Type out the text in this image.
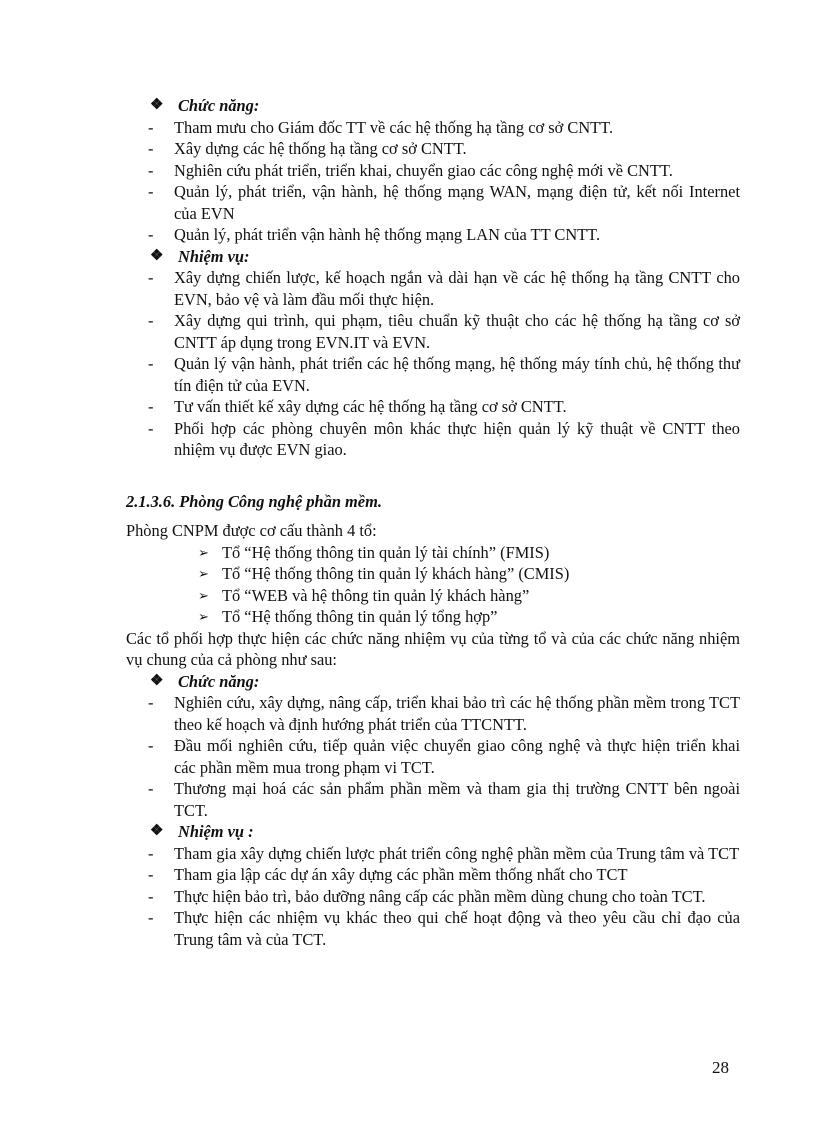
❖ Chức năng:
- Tham mưu cho Giám đốc TT về các hệ thống hạ tầng cơ sở CNTT.
- Xây dựng các hệ thống hạ tầng cơ sở CNTT.
- Nghiên cứu phát triển, triển khai, chuyển giao các công nghệ mới về CNTT.
- Quản lý, phát triển, vận hành, hệ thống mạng WAN, mạng điện tử, kết nối Internet của EVN
- Quản lý, phát triển vận hành hệ thống mạng LAN của TT CNTT.
❖ Nhiệm vụ:
- Xây dựng chiến lược, kế hoạch ngắn và dài hạn về các hệ thống hạ tầng CNTT cho EVN, bảo vệ và làm đầu mối thực hiện.
- Xây dựng qui trình, qui phạm, tiêu chuẩn kỹ thuật cho các hệ thống hạ tầng cơ sở CNTT áp dụng trong EVN.IT và EVN.
- Quản lý vận hành, phát triển các hệ thống mạng, hệ thống máy tính chủ, hệ thống thư tín điện tử của EVN.
- Tư vấn thiết kế xây dựng các hệ thống hạ tầng cơ sở CNTT.
- Phối hợp các phòng chuyên môn khác thực hiện quản lý kỹ thuật về CNTT theo nhiệm vụ được EVN giao.
2.1.3.6. Phòng Công nghệ phần mềm.
Phòng CNPM được cơ cấu thành 4 tổ:
➢ Tổ “Hệ thống thông tin quản lý tài chính” (FMIS)
➢ Tổ “Hệ thống thông tin quản lý khách hàng” (CMIS)
➢ Tổ “WEB và hệ thông tin quản lý khách hàng”
➢ Tổ “Hệ thống thông tin quản lý tổng hợp”
Các tổ phối hợp thực hiện các chức năng nhiệm vụ của từng tổ và của các chức năng nhiệm vụ chung của cả phòng như sau:
❖ Chức năng:
- Nghiên cứu, xây dựng, nâng cấp, triển khai bảo trì các hệ thống phần mềm trong TCT theo kế hoạch và định hướng phát triển của TTCNTT.
- Đầu mối nghiên cứu, tiếp quản việc chuyển giao công nghệ và thực hiện triển khai các phần mềm mua trong phạm vi TCT.
- Thương mại hoá các sản phẩm phần mềm và tham gia thị trường CNTT bên ngoài TCT.
❖ Nhiệm vụ :
- Tham gia xây dựng chiến lược phát triển công nghệ phần mềm của Trung tâm và TCT
- Tham gia lập các dự án xây dựng các phần mềm thống nhất cho TCT
- Thực hiện bảo trì, bảo dưỡng nâng cấp các phần mềm dùng chung cho toàn TCT.
- Thực hiện các nhiệm vụ khác theo qui chế hoạt động và theo yêu cầu chỉ đạo của Trung tâm và của TCT.
28
